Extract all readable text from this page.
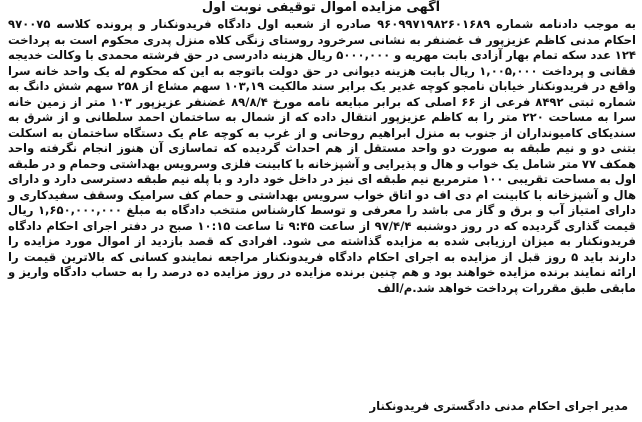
آگهی مزایده اموال توقیفی نوبت اول

به موجب دادنامه شماره ۹۶۰۹۹۷۱۹۸۲۶۰۱۶۸۹ صادره از شعبه اول دادگاه فریدونکنار و پرونده کلاسه ۹۷۰۰۷۵ احکام مدنی کاظم عزیزپور ف غضنفر به نشانی سرخرود روستای زنگی کلاه منزل پدری محکوم است به پرداخت ۱۲۴ عدد سکه تمام بهار آزادی بابت مهریه و ۵۰۰۰,۰۰۰ ریال هزینه دادرسی در حق فرشته محمدی با وکالت خدیجه فقانی و پرداخت ۱,۰۰۵,۰۰۰ ریال بابت هزینه دیوانی در حق دولت باتوجه به این که محکوم له یک واحد خانه سرا واقع در فریدونکنار خیابان نامجو کوچه غدیر یک برابر سند مالکیت ۱۰۳,۱۹ سهم مشاع از ۲۵۸ سهم شش دانگ به شماره ثبتی ۸۴۹۲ فرعی از ۶۶ اصلی که برابر مبایعه نامه مورخ ۸۹/۸/۴ غضنفر عزیزپور ۱۰۳ متر از زمین خانه سرا به مساحت ۲۲۰ متر را به کاظم عزیزپور انتقال داده که از شمال به ساختمان احمد سلطانی و از شرق به سندیکای کامیونداران از جنوب به منزل ابراهیم روحانی و از غرب به کوچه عام یک دستگاه ساختمان به اسکلت بتنی دو و نیم طبقه به صورت دو واحد مستقل از هم احداث گردیده که تماسازی آن هنوز انجام نگرفته واحد همکف ۷۷ متر شامل یک خواب و هال و پذیرایی و آشپزخانه با کابینت فلزی وسرویس بهداشتی وحمام و در طبقه اول به مساحت تقریبی ۱۰۰ مترمربع نیم طبقه ای نیز در داخل خود دارد و با پله نیم طبقه دسترسی دارد و دارای هال و آشپزخانه با کابینت ام دی اف دو اتاق خواب سرویس بهداشتی و حمام کف سرامیک وسقف سفیدکاری و دارای امتیاز آب و برق و گاز می باشد را معرفی و توسط کارشناس منتخب دادگاه به مبلغ ۱,۶۵۰,۰۰۰,۰۰۰ ریال قیمت گذاری گردیده که در روز دوشنبه ۹۷/۴/۴ از ساعت ۹:۴۵ تا ساعت ۱۰:۱۵ صبح در دفتر اجرای احکام دادگاه فریدونکنار به میزان ارزیابی شده به مزایده گذاشته می شود. افرادی که قصد بازدید از اموال مورد مزایده را دارند باید ۵ روز قبل از مزایده به اجرای احکام دادگاه فریدونکنار مراجعه نمایندو کسانی که بالاترین قیمت را ارائه نمایند برنده مزایده خواهند بود و هم چنین برنده مزایده در روز مزایده ده درصد را به حساب دادگاه واریز و مابقی طبق مقررات پرداخت خواهد شد.م/الف

مدیر اجرای احکام مدنی دادگستری فریدونکنار
